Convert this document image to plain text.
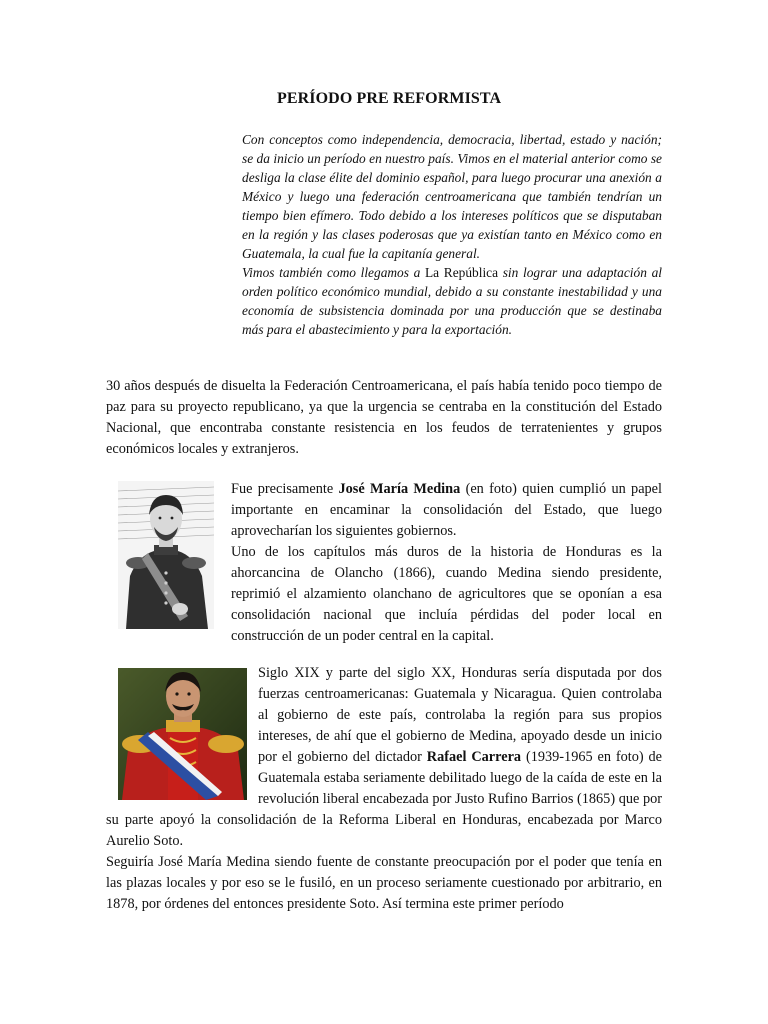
PERÍODO PRE REFORMISTA

Con conceptos como independencia, democracia, libertad, estado y nación; se da inicio un período en nuestro país. Vimos en el material anterior como se desliga la clase élite del dominio español, para luego procurar una anexión a México y luego una federación centroamericana que también tendrían un tiempo bien efímero. Todo debido a los intereses políticos que se disputaban en la región y las clases poderosas que ya existían tanto en México como en Guatemala, la cual fue la capitanía general.

Vimos también como llegamos a La República sin lograr una adaptación al orden político económico mundial, debido a su constante inestabilidad y una economía de subsistencia dominada por una producción que se destinaba más para el abastecimiento y para la exportación.

30 años después de disuelta la Federación Centroamericana, el país había tenido poco tiempo de paz para su proyecto republicano, ya que la urgencia se centraba en la constitución del Estado Nacional, que encontraba constante resistencia en los feudos de terratenientes y grupos económicos locales y extranjeros.

Fue precisamente José María Medina (en foto) quien cumplió un papel importante en encaminar la consolidación del Estado, que luego aprovecharían los siguientes gobiernos.

Uno de los capítulos más duros de la historia de Honduras es la ahorcancina de Olancho (1866), cuando Medina siendo presidente, reprimió el alzamiento olanchano de agricultores que se oponían a esa consolidación nacional que incluía pérdidas del poder local en construcción de un poder central en la capital.

Siglo XIX y parte del siglo XX, Honduras sería disputada por dos fuerzas centroamericanas: Guatemala y Nicaragua. Quien controlaba al gobierno de este país, controlaba la región para sus propios intereses, de ahí que el gobierno de Medina, apoyado desde un inicio por el gobierno del dictador Rafael Carrera (1939-1965 en foto) de Guatemala estaba seriamente debilitado luego de la caída de este en la revolución liberal encabezada por Justo Rufino Barrios (1865) que por su parte apoyó la consolidación de la Reforma Liberal en Honduras, encabezada por Marco Aurelio Soto.

Seguiría José María Medina siendo fuente de constante preocupación por el poder que tenía en las plazas locales y por eso se le fusiló, en un proceso seriamente cuestionado por arbitrario, en 1878, por órdenes del entonces presidente Soto. Así termina este primer período
